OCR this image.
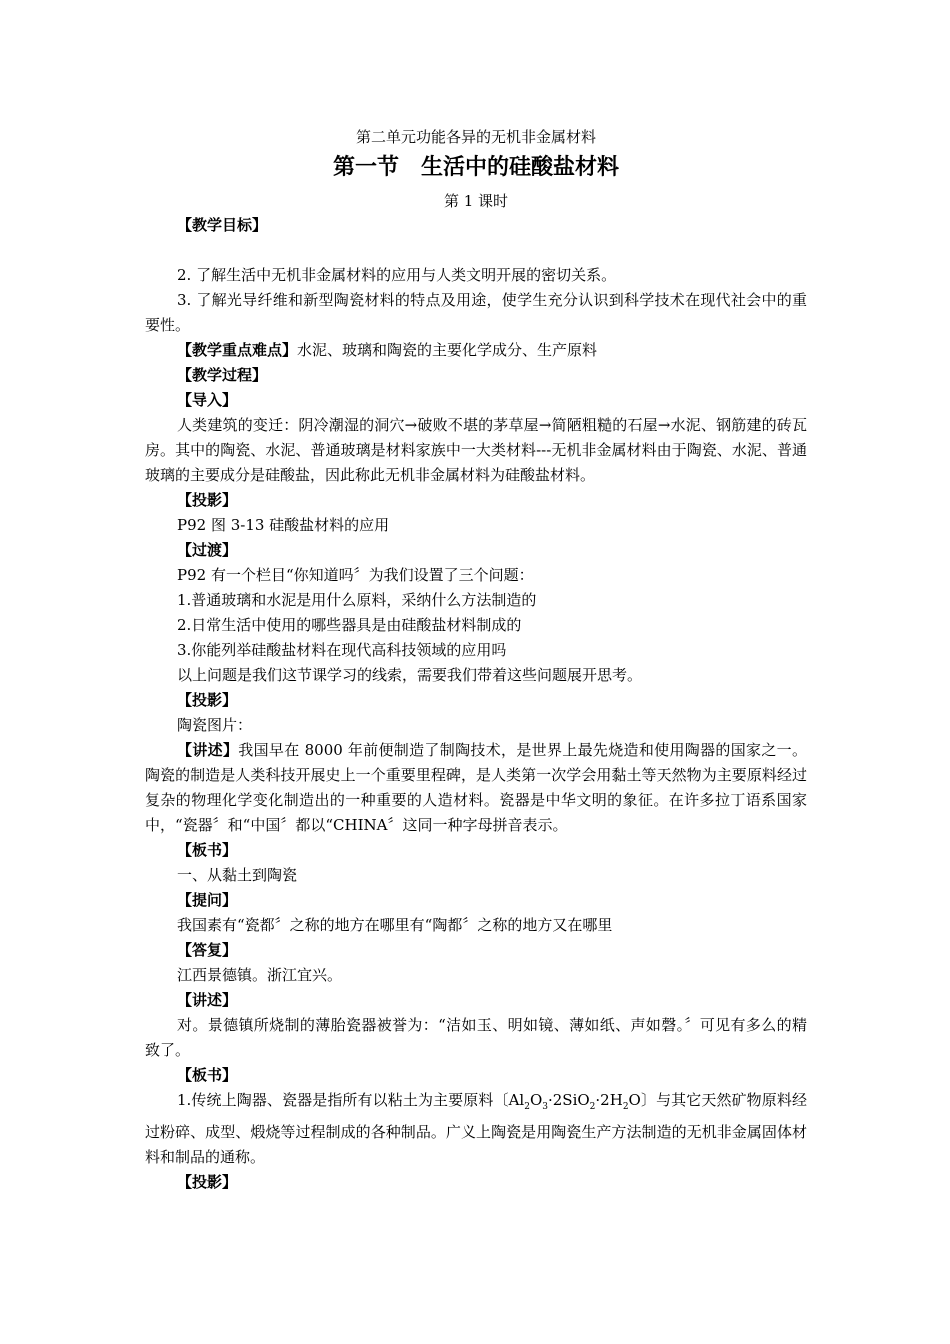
第二单元功能各异的无机非金属材料
第一节　生活中的硅酸盐材料
第 1 课时

【教学目标】

2. 了解生活中无机非金属材料的应用与人类文明开展的密切关系。

3. 了解光导纤维和新型陶瓷材料的特点及用途，使学生充分认识到科学技术在现代社会中的重要性。

【教学重点难点】水泥、玻璃和陶瓷的主要化学成分、生产原料

【教学过程】

【导入】

人类建筑的变迁：阴冷潮湿的洞穴→破败不堪的茅草屋→简陋粗糙的石屋→水泥、钢筋建的砖瓦房。其中的陶瓷、水泥、普通玻璃是材料家族中一大类材料---无机非金属材料由于陶瓷、水泥、普通玻璃的主要成分是硅酸盐，因此称此无机非金属材料为硅酸盐材料。

【投影】

P92 图 3-13 硅酸盐材料的应用

【过渡】

P92 有一个栏目“你知道吗〞为我们设置了三个问题：

1.普通玻璃和水泥是用什么原料，采纳什么方法制造的

2.日常生活中使用的哪些器具是由硅酸盐材料制成的

3.你能列举硅酸盐材料在现代高科技领域的应用吗

以上问题是我们这节课学习的线索，需要我们带着这些问题展开思考。

【投影】

陶瓷图片：

【讲述】我国早在 8000 年前便制造了制陶技术，是世界上最先烧造和使用陶器的国家之一。陶瓷的制造是人类科技开展史上一个重要里程碑，是人类第一次学会用黏土等天然物为主要原料经过复杂的物理化学变化制造出的一种重要的人造材料。瓷器是中华文明的象征。在许多拉丁语系国家中，“瓷器〞和“中国〞都以“CHINA〞这同一种字母拼音表示。

【板书】

一、从黏土到陶瓷

【提问】

我国素有“瓷都〞之称的地方在哪里有“陶都〞之称的地方又在哪里

【答复】

江西景德镇。浙江宜兴。

【讲述】

对。景德镇所烧制的薄胎瓷器被誉为：“洁如玉、明如镜、薄如纸、声如磬。〞可见有多么的精致了。

【板书】

1.传统上陶器、瓷器是指所有以粘土为主要原料〔$Al_2O_3\cdot 2SiO_2\cdot 2H_2O$〕与其它天然矿物原料经过粉碎、成型、煅烧等过程制成的各种制品。广义上陶瓷是用陶瓷生产方法制造的无机非金属固体材料和制品的通称。

【投影】
